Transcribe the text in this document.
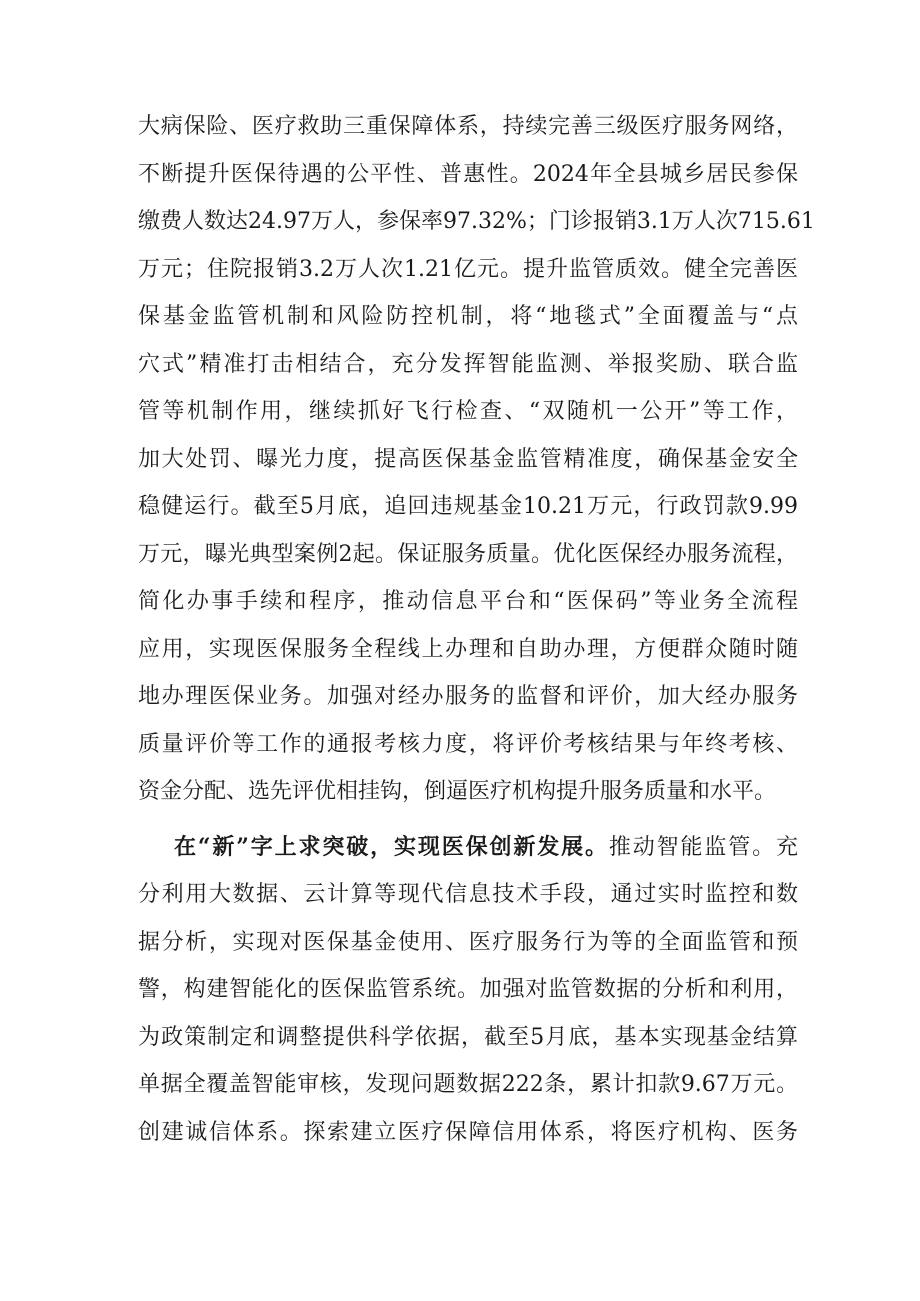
大病保险、医疗救助三重保障体系，持续完善三级医疗服务网络，
不断提升医保待遇的公平性、普惠性。2024年全县城乡居民参保
缴费人数达24.97万人，参保率97.32%；门诊报销3.1万人次715.61
万元；住院报销3.2万人次1.21亿元。提升监管质效。健全完善医
保基金监管机制和风险防控机制，将“地毯式”全面覆盖与“点
穴式”精准打击相结合，充分发挥智能监测、举报奖励、联合监
管等机制作用，继续抓好飞行检查、“双随机一公开”等工作，
加大处罚、曝光力度，提高医保基金监管精准度，确保基金安全
稳健运行。截至5月底，追回违规基金10.21万元，行政罚款9.99
万元，曝光典型案例2起。保证服务质量。优化医保经办服务流程，
简化办事手续和程序，推动信息平台和“医保码”等业务全流程
应用，实现医保服务全程线上办理和自助办理，方便群众随时随
地办理医保业务。加强对经办服务的监督和评价，加大经办服务
质量评价等工作的通报考核力度，将评价考核结果与年终考核、
资金分配、选先评优相挂钩，倒逼医疗机构提升服务质量和水平。
在“新”字上求突破，实现医保创新发展。推动智能监管。充
分利用大数据、云计算等现代信息技术手段，通过实时监控和数
据分析，实现对医保基金使用、医疗服务行为等的全面监管和预
警，构建智能化的医保监管系统。加强对监管数据的分析和利用，
为政策制定和调整提供科学依据，截至5月底，基本实现基金结算
单据全覆盖智能审核，发现问题数据222条，累计扣款9.67万元。
创建诚信体系。探索建立医疗保障信用体系，将医疗机构、医务
